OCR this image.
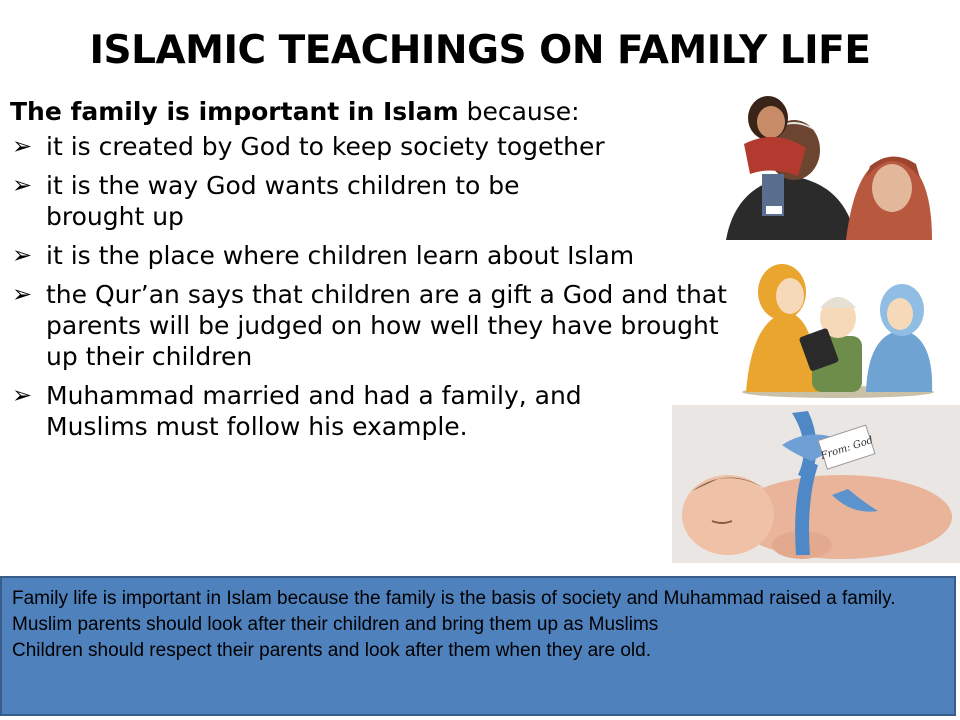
ISLAMIC TEACHINGS ON FAMILY LIFE

The family is important in Islam because:

➢ it is created by God to keep society together
➢ it is the way God wants children to be brought up
➢ it is the place where children learn about Islam
➢ the Qur’an says that children are a gift a God and that parents will be judged on how well they have brought up their children
➢ Muhammad married and had a family, and Muslims must follow his example.
From: God

Family life is important in Islam because the family is the basis of society and Muhammad raised a family.

Muslim parents should look after their children and bring them up as Muslims

Children should respect their parents and look after them when they are old.
